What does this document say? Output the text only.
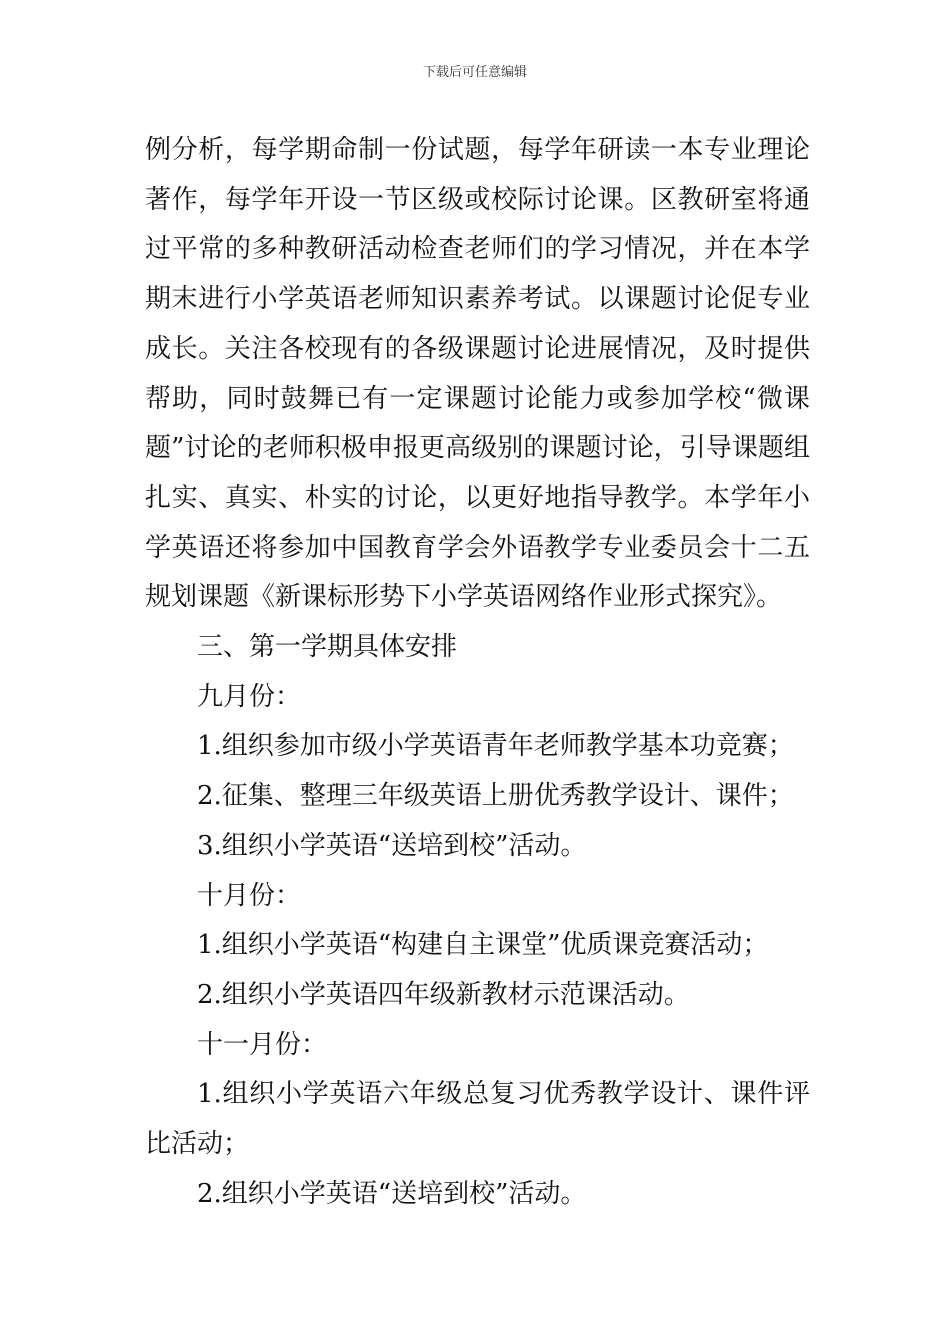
下载后可任意编辑

例分析，每学期命制一份试题，每学年研读一本专业理论著作，每学年开设一节区级或校际讨论课。区教研室将通过平常的多种教研活动检查老师们的学习情况，并在本学期末进行小学英语老师知识素养考试。以课题讨论促专业成长。关注各校现有的各级课题讨论进展情况，及时提供帮助，同时鼓舞已有一定课题讨论能力或参加学校“微课题”讨论的老师积极申报更高级别的课题讨论，引导课题组扎实、真实、朴实的讨论，以更好地指导教学。本学年小学英语还将参加中国教育学会外语教学专业委员会十二五规划课题《新课标形势下小学英语网络作业形式探究》。

三、第一学期具体安排

九月份：

1.组织参加市级小学英语青年老师教学基本功竞赛；

2.征集、整理三年级英语上册优秀教学设计、课件；

3.组织小学英语“送培到校”活动。

十月份：

1.组织小学英语“构建自主课堂”优质课竞赛活动；

2.组织小学英语四年级新教材示范课活动。

十一月份：

1.组织小学英语六年级总复习优秀教学设计、课件评比活动；

2.组织小学英语“送培到校”活动。
